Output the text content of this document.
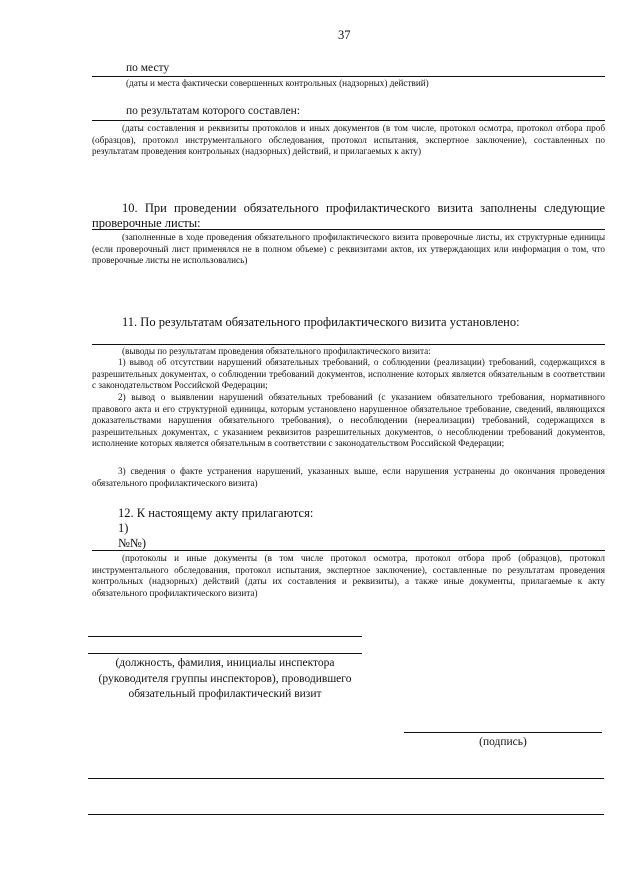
37
по месту
(даты и места фактически совершенных контрольных (надзорных) действий)
по результатам которого составлен:
(даты составления и реквизиты протоколов и иных документов (в том числе, протокол осмотра, протокол отбора проб (образцов), протокол инструментального обследования, протокол испытания, экспертное заключение), составленных по результатам проведения контрольных (надзорных) действий, и прилагаемых к акту)
10. При проведении обязательного профилактического визита заполнены следующие проверочные листы:
(заполненные в ходе проведения обязательного профилактического визита проверочные листы, их структурные единицы (если проверочный лист применялся не в полном объеме) с реквизитами актов, их утверждающих или информация о том, что проверочные листы не использовались)
11. По результатам обязательного профилактического визита установлено:
(выводы по результатам проведения обязательного профилактического визита:
1) вывод об отсутствии нарушений обязательных требований, о соблюдении (реализации) требований, содержащихся в разрешительных документах, о соблюдении требований документов, исполнение которых является обязательным в соответствии с законодательством Российской Федерации;
2) вывод о выявлении нарушений обязательных требований (с указанием обязательного требования, нормативного правового акта и его структурной единицы, которым установлено нарушенное обязательное требование, сведений, являющихся доказательствами нарушения обязательного требования), о несоблюдении (нереализации) требований, содержащихся в разрешительных документах, с указанием реквизитов разрешительных документов, о несоблюдении требований документов, исполнение которых является обязательным в соответствии с законодательством Российской Федерации;
3) сведения о факте устранения нарушений, указанных выше, если нарушения устранены до окончания проведения обязательного профилактического визита)
12. К настоящему акту прилагаются:
1)
№№)
(протоколы и иные документы (в том числе протокол осмотра, протокол отбора проб (образцов), протокол инструментального обследования, протокол испытания, экспертное заключение), составленные по результатам проведения контрольных (надзорных) действий (даты их составления и реквизиты), а также иные документы, прилагаемые к акту обязательного профилактического визита)
(должность, фамилия, инициалы инспектора
(руководителя группы инспекторов), проводившего
обязательный профилактический визит
(подпись)
